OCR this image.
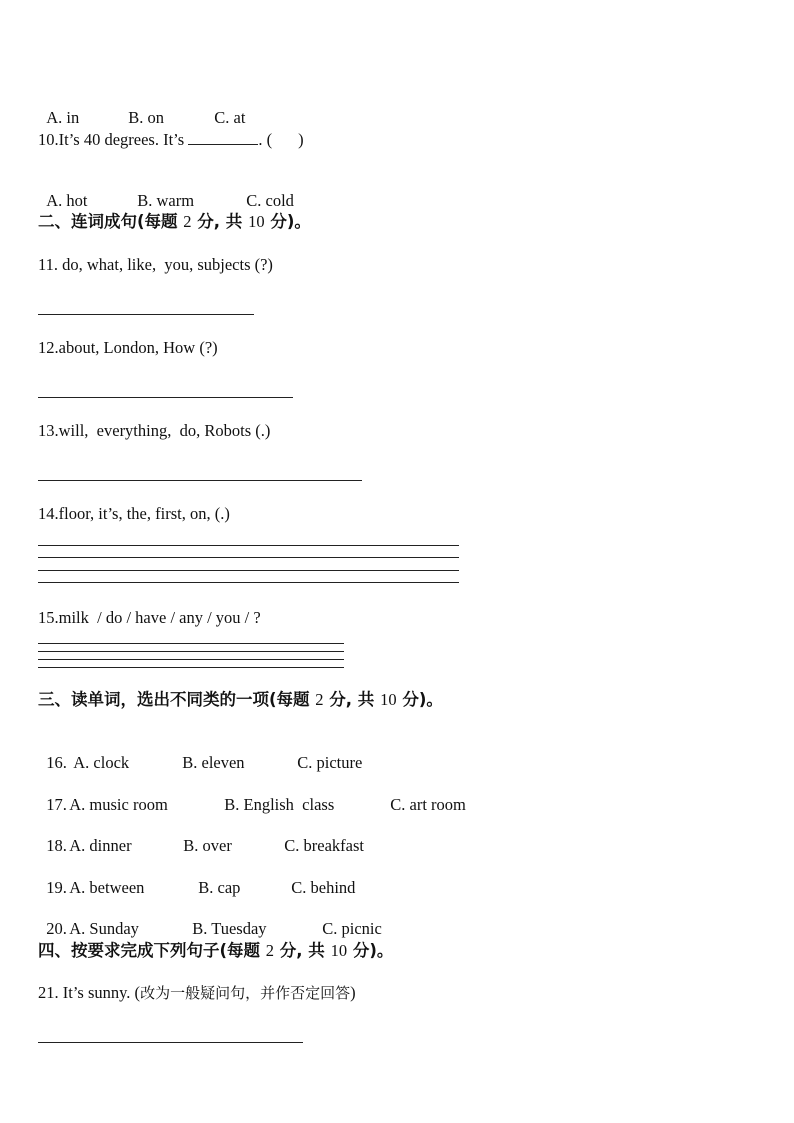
A. in	B. on	C. at

10.It’s 40 degrees. It’s	. ( )

A. hot	B. warm	C. cold

二、连词成句(每题 2 分, 共 10 分)。
11. do, what, like,  you, subjects (?)
12.about, London, How (?)
13.will,  everything,  do, Robots (.)
14.floor, it’s, the, first, on, (.)
15.milk  / do / have / any / you / ?
三、读单词，选出不同类的一项(每题 2 分, 共 10 分)。

16. A. clock	B. eleven	C. picture

17. A. music room	B. English  class	C. art room

18. A. dinner	B. over	C. breakfast

19. A. between	B. cap	C. behind

20. A. Sunday	B. Tuesday	C. picnic

四、按要求完成下列句子(每题 2 分, 共 10 分)。
21. It’s sunny. (改为一般疑问句，并作否定回答)
